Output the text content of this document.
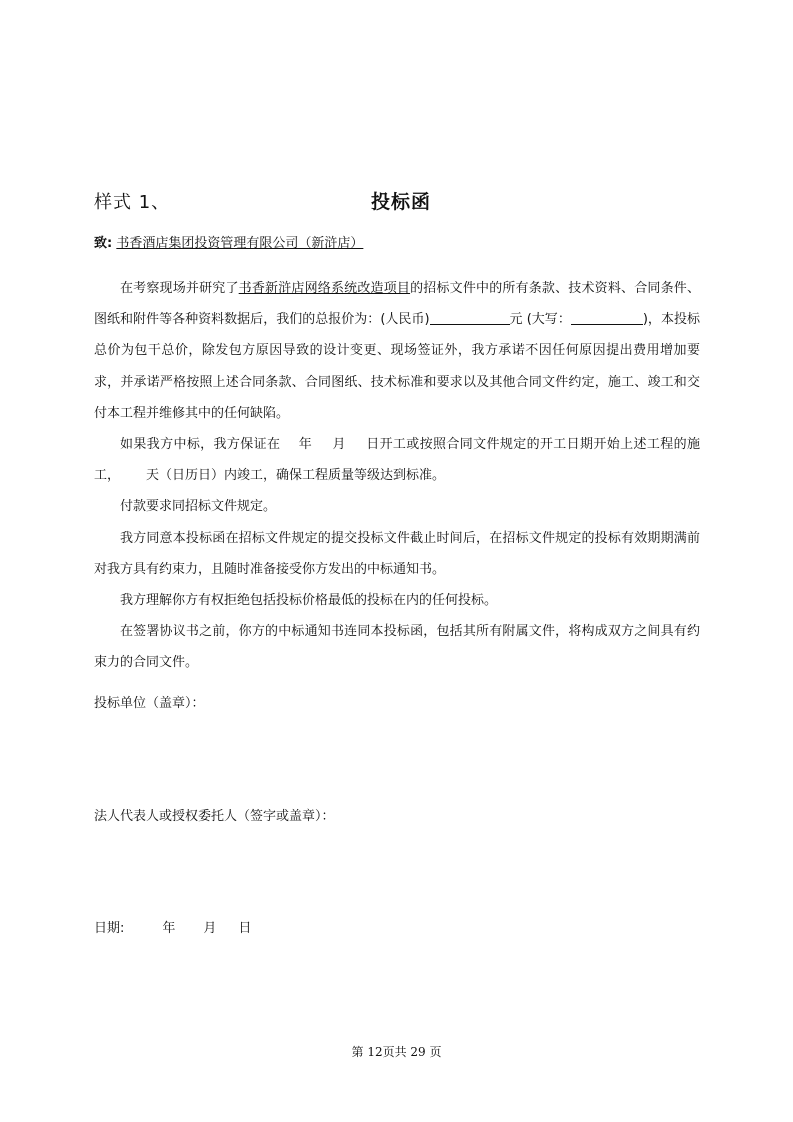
样式 1、	投标函
致: 书香酒店集团投资管理有限公司（新浒店）

在考察现场并研究了书香新浒店网络系统改造项目的招标文件中的所有条款、技术资料、合同条件、图纸和附件等各种资料数据后，我们的总报价为：(人民币)	元 (大写：	)，本投标总价为包干总价，除发包方原因导致的设计变更、现场签证外，我方承诺不因任何原因提出费用增加要求，并承诺严格按照上述合同条款、合同图纸、技术标准和要求以及其他合同文件约定，施工、竣工和交付本工程并维修其中的任何缺陷。

如果我方中标，我方保证在 年 月 日开工或按照合同文件规定的开工日期开始上述工程的施工， 天（日历日）内竣工，确保工程质量等级达到标准。

付款要求同招标文件规定。

我方同意本投标函在招标文件规定的提交投标文件截止时间后，在招标文件规定的投标有效期期满前对我方具有约束力，且随时准备接受你方发出的中标通知书。

我方理解你方有权拒绝包括投标价格最低的投标在内的任何投标。

在签署协议书之前，你方的中标通知书连同本投标函，包括其所有附属文件，将构成双方之间具有约束力的合同文件。

投标单位（盖章）：
法人代表人或授权委托人（签字或盖章）：
日期:	年 月 日
第 12页共 29 页
